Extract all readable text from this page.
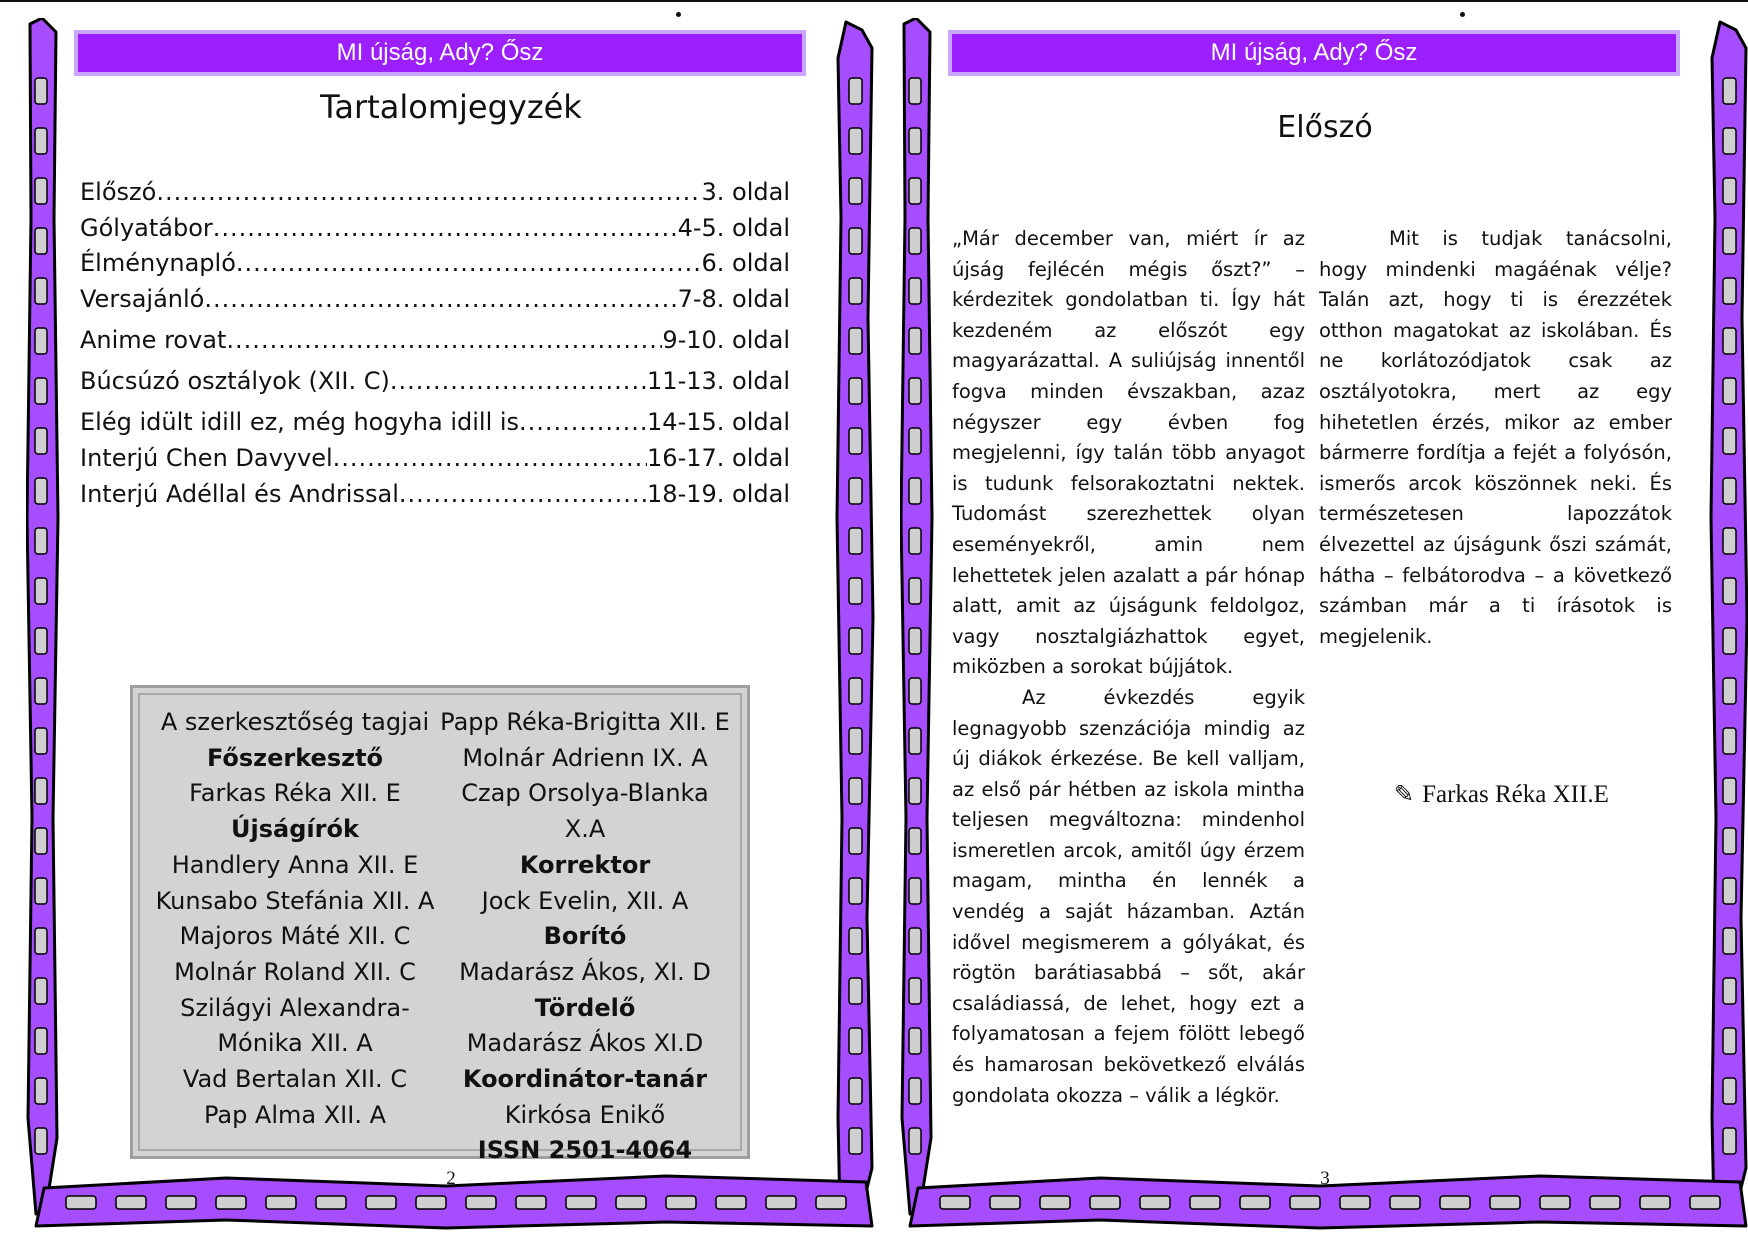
MI újság, Ady? Ősz
Tartalomjegyzék
Előszó .....	3. oldal
Gólyatábor .....	4-5. oldal
Élménynapló .....	6. oldal
Versajánló .....	7-8. oldal
Anime rovat .....	9-10. oldal
Búcsúzó osztályok (XII. C) .....	11-13. oldal
Elég idült idill ez, még hogyha idill is .....	14-15. oldal
Interjú Chen Davyvel .....	16-17. oldal
Interjú Adéllal és Andrissal .....	18-19. oldal
A szerkesztőség tagjai
Főszerkesztő
Farkas Réka XII. E
Újságírók
Handlery Anna XII. E
Kunsabo Stefánia XII. A
Majoros Máté XII. C
Molnár Roland XII. C
Szilágyi Alexandra-
Mónika XII. A
Vad Bertalan XII. C
Pap Alma XII. A
Papp Réka-Brigitta XII. E
Molnár Adrienn IX. A
Czap Orsolya-Blanka X.A
Korrektor
Jock Evelin, XII. A
Borító
Madarász Ákos, XI. D
Tördelő
Madarász Ákos XI.D
Koordinátor-tanár
Kirkósa Enikő
ISSN 2501-4064
2
MI újság, Ady? Ősz
Előszó

„Már december van, miért ír az újság fejlécén mégis őszt?” – kérdezitek gondolatban ti. Így hát kezdeném az előszót egy magyarázattal. A suliújság innentől fogva minden évszakban, azaz négyszer egy évben fog megjelenni, így talán több anyagot is tudunk felsorakoztatni nektek. Tudomást szerezhettek olyan eseményekről, amin nem lehettetek jelen azalatt a pár hónap alatt, amit az újságunk feldolgoz, vagy nosztalgiázhattok egyet, miközben a sorokat bújjátok.

Az évkezdés egyik legnagyobb szenzációja mindig az új diákok érkezése. Be kell valljam, az első pár hétben az iskola mintha teljesen megváltozna: mindenhol ismeretlen arcok, amitől úgy érzem magam, mintha én lennék a vendég a saját házamban. Aztán idővel megismerem a gólyákat, és rögtön barátiasabbá – sőt, akár családiassá, de lehet, hogy ezt a folyamatosan a fejem fölött lebegő és hamarosan bekövetkező elválás gondolata okozza – válik a légkör.

Mit is tudjak tanácsolni, hogy mindenki magáénak vélje? Talán azt, hogy ti is érezzétek otthon magatokat az iskolában. És ne korlátozódjatok csak az osztályotokra, mert az egy hihetetlen érzés, mikor az ember bármerre fordítja a fejét a folyósón, ismerős arcok köszönnek neki. És természetesen lapozzátok élvezettel az újságunk őszi számát, hátha – felbátorodva – a következő számban már a ti írásotok is megjelenik.

✎ Farkas Réka XII.E
3
